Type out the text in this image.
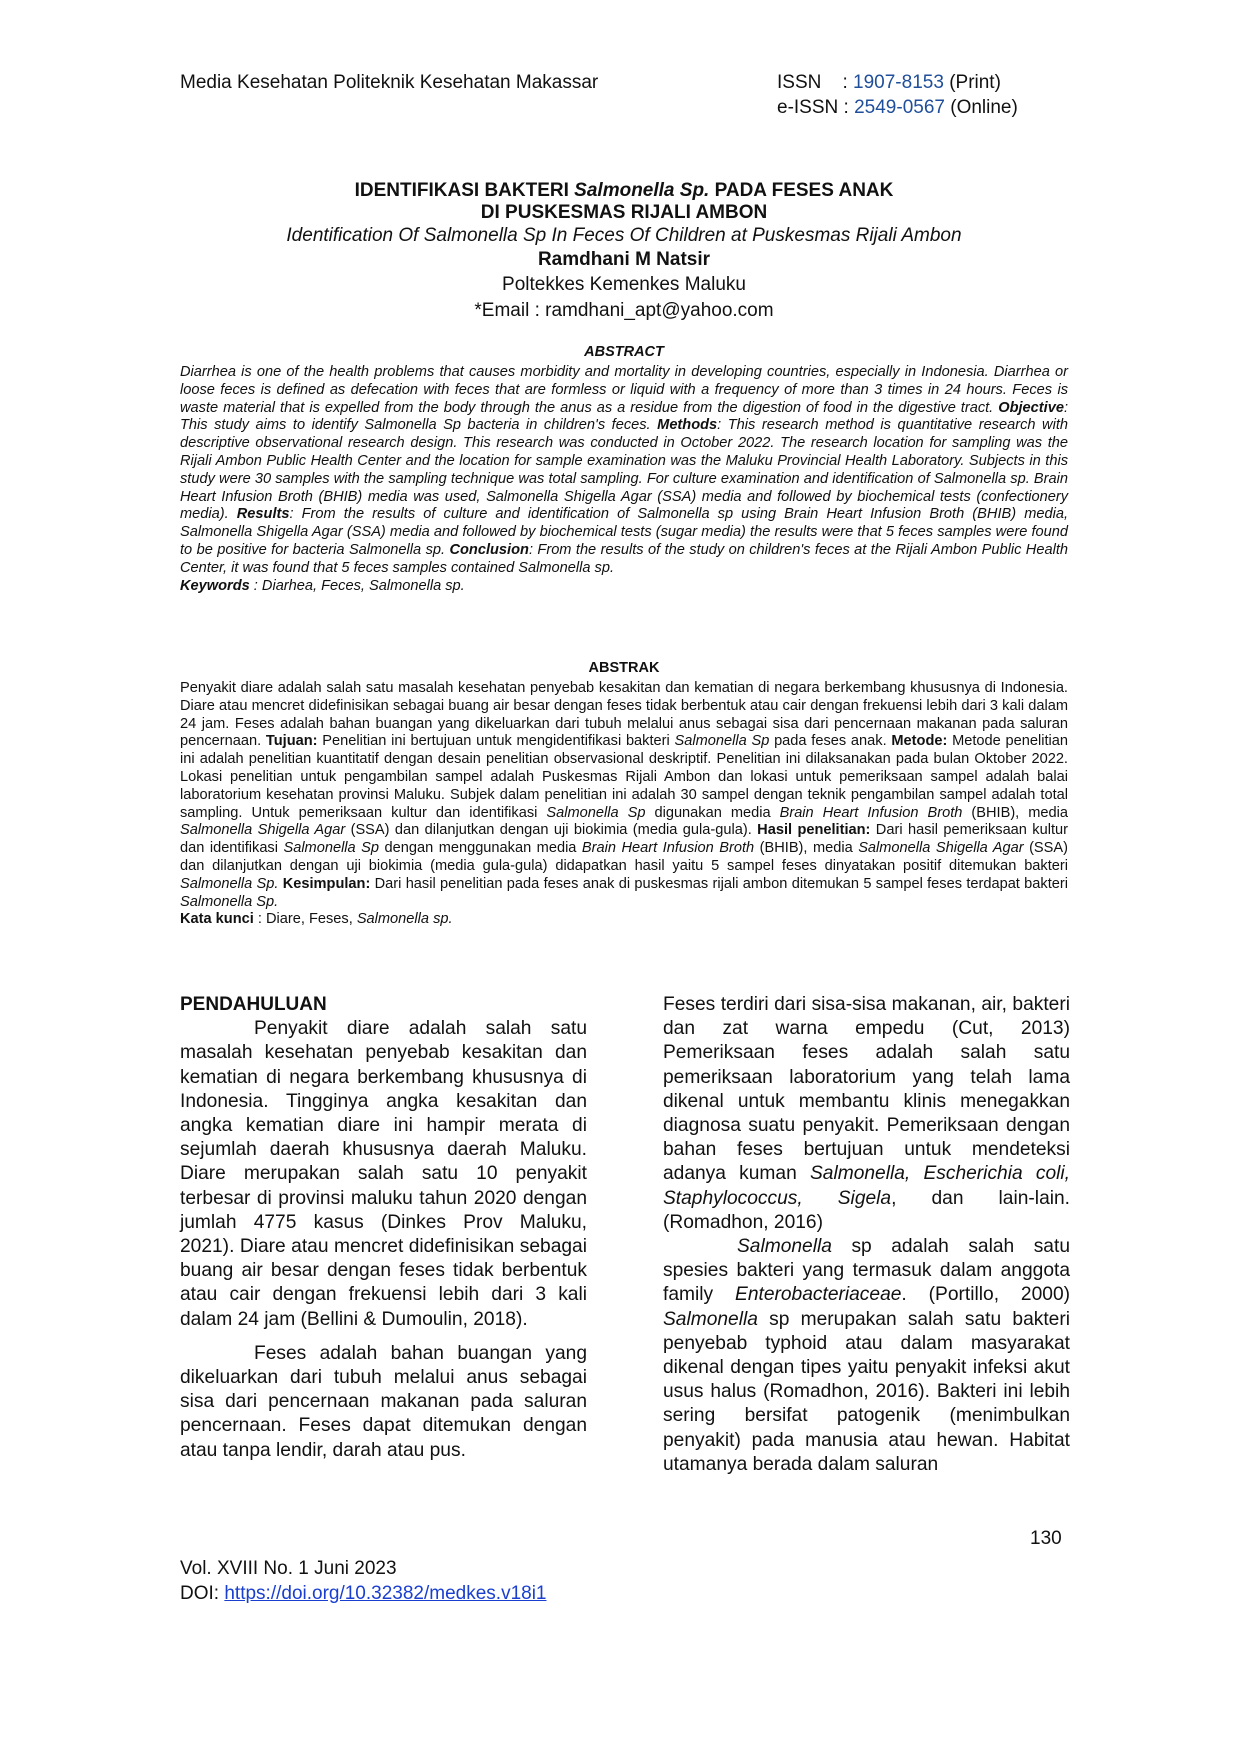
Media Kesehatan Politeknik Kesehatan Makassar	ISSN    : 1907-8153 (Print)
e-ISSN : 2549-0567 (Online)
IDENTIFIKASI BAKTERI Salmonella Sp. PADA FESES ANAK
DI PUSKESMAS RIJALI AMBON
Identification Of Salmonella Sp In Feces Of Children at Puskesmas Rijali Ambon
Ramdhani M Natsir
Poltekkes Kemenkes Maluku
*Email : ramdhani_apt@yahoo.com
ABSTRACT
Diarrhea is one of the health problems that causes morbidity and mortality in developing countries, especially in Indonesia. Diarrhea or loose feces is defined as defecation with feces that are formless or liquid with a frequency of more than 3 times in 24 hours. Feces is waste material that is expelled from the body through the anus as a residue from the digestion of food in the digestive tract. Objective: This study aims to identify Salmonella Sp bacteria in children's feces. Methods: This research method is quantitative research with descriptive observational research design. This research was conducted in October 2022. The research location for sampling was the Rijali Ambon Public Health Center and the location for sample examination was the Maluku Provincial Health Laboratory. Subjects in this study were 30 samples with the sampling technique was total sampling. For culture examination and identification of Salmonella sp. Brain Heart Infusion Broth (BHIB) media was used, Salmonella Shigella Agar (SSA) media and followed by biochemical tests (confectionery media). Results: From the results of culture and identification of Salmonella sp using Brain Heart Infusion Broth (BHIB) media, Salmonella Shigella Agar (SSA) media and followed by biochemical tests (sugar media) the results were that 5 feces samples were found to be positive for bacteria Salmonella sp. Conclusion: From the results of the study on children's feces at the Rijali Ambon Public Health Center, it was found that 5 feces samples contained Salmonella sp.
Keywords : Diarhea, Feces, Salmonella sp.
ABSTRAK
Penyakit diare adalah salah satu masalah kesehatan penyebab kesakitan dan kematian di negara berkembang khususnya di Indonesia. Diare atau mencret didefinisikan sebagai buang air besar dengan feses tidak berbentuk atau cair dengan frekuensi lebih dari 3 kali dalam 24 jam. Feses adalah bahan buangan yang dikeluarkan dari tubuh melalui anus sebagai sisa dari pencernaan makanan pada saluran pencernaan. Tujuan: Penelitian ini bertujuan untuk mengidentifikasi bakteri Salmonella Sp pada feses anak. Metode: Metode penelitian ini adalah penelitian kuantitatif dengan desain penelitian observasional deskriptif. Penelitian ini dilaksanakan pada bulan Oktober 2022. Lokasi penelitian untuk pengambilan sampel adalah Puskesmas Rijali Ambon dan lokasi untuk pemeriksaan sampel adalah balai laboratorium kesehatan provinsi Maluku. Subjek dalam penelitian ini adalah 30 sampel dengan teknik pengambilan sampel adalah total sampling. Untuk pemeriksaan kultur dan identifikasi Salmonella Sp digunakan media Brain Heart Infusion Broth (BHIB), media Salmonella Shigella Agar (SSA) dan dilanjutkan dengan uji biokimia (media gula-gula). Hasil penelitian: Dari hasil pemeriksaan kultur dan identifikasi Salmonella Sp dengan menggunakan media Brain Heart Infusion Broth (BHIB), media Salmonella Shigella Agar (SSA) dan dilanjutkan dengan uji biokimia (media gula-gula) didapatkan hasil yaitu 5 sampel feses dinyatakan positif ditemukan bakteri Salmonella Sp. Kesimpulan: Dari hasil penelitian pada feses anak di puskesmas rijali ambon ditemukan 5 sampel feses terdapat bakteri Salmonella Sp.
Kata kunci : Diare, Feses, Salmonella sp.
PENDAHULUAN

Penyakit diare adalah salah satu masalah kesehatan penyebab kesakitan dan kematian di negara berkembang khususnya di Indonesia. Tingginya angka kesakitan dan angka kematian diare ini hampir merata di sejumlah daerah khususnya daerah Maluku. Diare merupakan salah satu 10 penyakit terbesar di provinsi maluku tahun 2020 dengan jumlah 4775 kasus (Dinkes Prov Maluku, 2021). Diare atau mencret didefinisikan sebagai buang air besar dengan feses tidak berbentuk atau cair dengan frekuensi lebih dari 3 kali dalam 24 jam (Bellini & Dumoulin, 2018).

Feses adalah bahan buangan yang dikeluarkan dari tubuh melalui anus sebagai sisa dari pencernaan makanan pada saluran pencernaan. Feses dapat ditemukan dengan atau tanpa lendir, darah atau pus.

Feses terdiri dari sisa-sisa makanan, air, bakteri dan zat warna empedu (Cut, 2013) Pemeriksaan feses adalah salah satu pemeriksaan laboratorium yang telah lama dikenal untuk membantu klinis menegakkan diagnosa suatu penyakit. Pemeriksaan dengan bahan feses bertujuan untuk mendeteksi adanya kuman Salmonella, Escherichia coli, Staphylococcus, Sigela, dan lain-lain. (Romadhon, 2016)

Salmonella sp adalah salah satu spesies bakteri yang termasuk dalam anggota family Enterobacteriaceae. (Portillo, 2000) Salmonella sp merupakan salah satu bakteri penyebab typhoid atau dalam masyarakat dikenal dengan tipes yaitu penyakit infeksi akut usus halus (Romadhon, 2016). Bakteri ini lebih sering bersifat patogenik (menimbulkan penyakit) pada manusia atau hewan. Habitat utamanya berada dalam saluran

130
Vol. XVIII No. 1 Juni 2023
DOI: https://doi.org/10.32382/medkes.v18i1
